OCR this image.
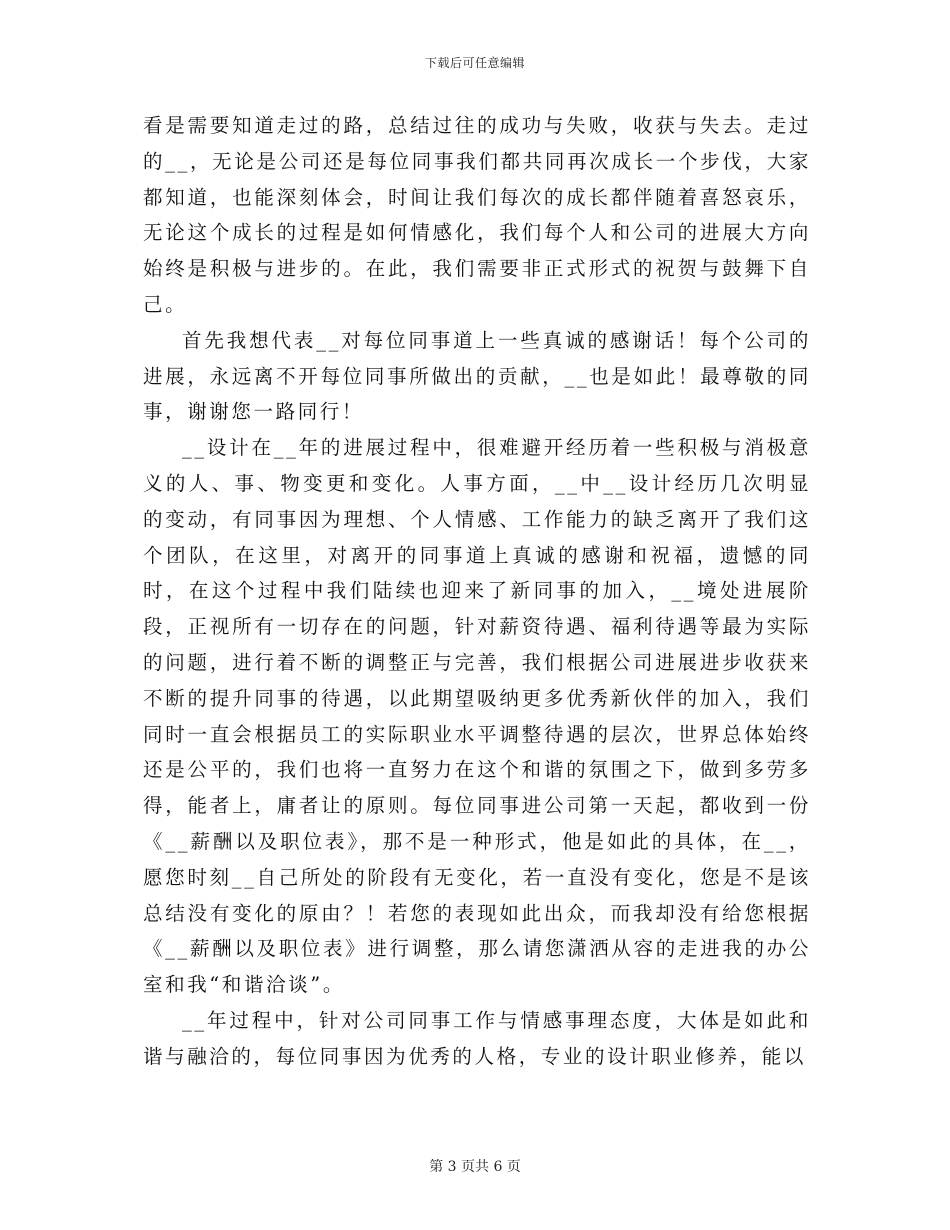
下载后可任意编辑

看是需要知道走过的路，总结过往的成功与失败，收获与失去。走过的__，无论是公司还是每位同事我们都共同再次成长一个步伐，大家都知道，也能深刻体会，时间让我们每次的成长都伴随着喜怒哀乐，无论这个成长的过程是如何情感化，我们每个人和公司的进展大方向始终是积极与进步的。在此，我们需要非正式形式的祝贺与鼓舞下自己。

首先我想代表__对每位同事道上一些真诚的感谢话！每个公司的进展，永远离不开每位同事所做出的贡献，__也是如此！最尊敬的同事，谢谢您一路同行！

__设计在__年的进展过程中，很难避开经历着一些积极与消极意义的人、事、物变更和变化。人事方面，__中__设计经历几次明显的变动，有同事因为理想、个人情感、工作能力的缺乏离开了我们这个团队，在这里，对离开的同事道上真诚的感谢和祝福，遗憾的同时，在这个过程中我们陆续也迎来了新同事的加入，__境处进展阶段，正视所有一切存在的问题，针对薪资待遇、福利待遇等最为实际的问题，进行着不断的调整正与完善，我们根据公司进展进步收获来不断的提升同事的待遇，以此期望吸纳更多优秀新伙伴的加入，我们同时一直会根据员工的实际职业水平调整待遇的层次，世界总体始终还是公平的，我们也将一直努力在这个和谐的氛围之下，做到多劳多得，能者上，庸者让的原则。每位同事进公司第一天起，都收到一份《__薪酬以及职位表》，那不是一种形式，他是如此的具体，在__，愿您时刻__自己所处的阶段有无变化，若一直没有变化，您是不是该总结没有变化的原由？！若您的表现如此出众，而我却没有给您根据《__薪酬以及职位表》进行调整，那么请您潇洒从容的走进我的办公室和我“和谐洽谈”。

__年过程中，针对公司同事工作与情感事理态度，大体是如此和谐与融洽的，每位同事因为优秀的人格，专业的设计职业修养，能以

第 3 页共 6 页
